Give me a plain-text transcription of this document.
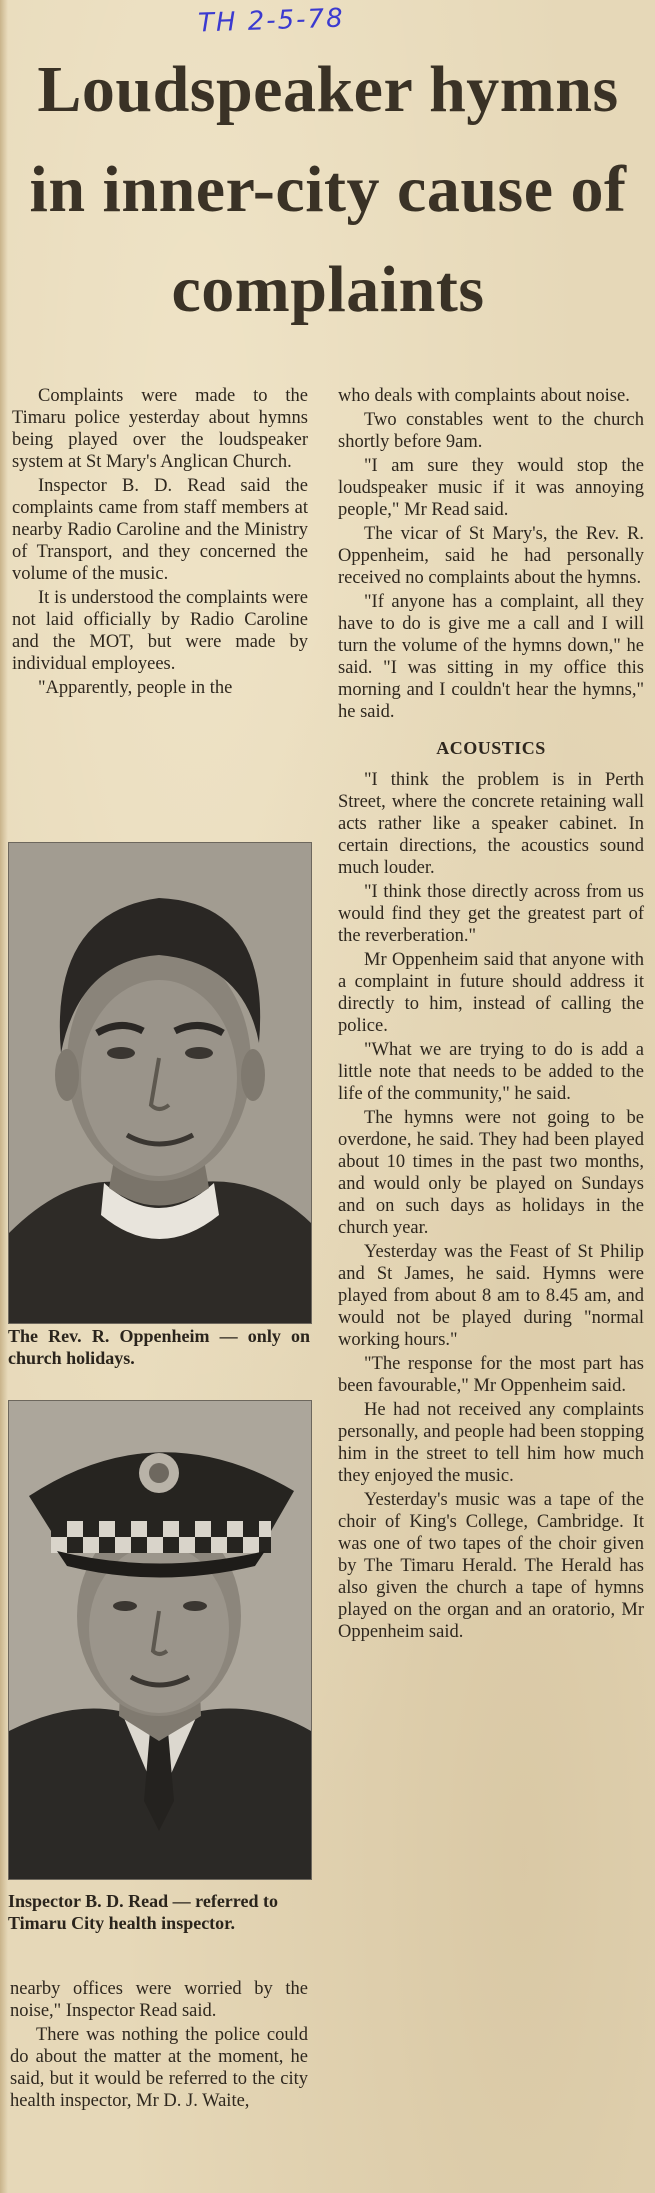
TH 2-5-78
Loudspeaker hymns in inner-city cause of complaints

Complaints were made to the Timaru police yesterday about hymns being played over the loudspeaker system at St Mary's Anglican Church.

Inspector B. D. Read said the complaints came from staff members at nearby Radio Caroline and the Ministry of Transport, and they concerned the volume of the music.

It is understood the complaints were not laid officially by Radio Caroline and the MOT, but were made by individual employees.

"Apparently, people in the

The Rev. R. Oppenheim — only on church holidays.
Inspector B. D. Read — referred to Timaru City health inspector.

nearby offices were worried by the noise," Inspector Read said.

There was nothing the police could do about the matter at the moment, he said, but it would be referred to the city health inspector, Mr D. J. Waite,

who deals with complaints about noise.

Two constables went to the church shortly before 9am.

"I am sure they would stop the loudspeaker music if it was annoying people," Mr Read said.

The vicar of St Mary's, the Rev. R. Oppenheim, said he had personally received no complaints about the hymns.

"If anyone has a complaint, all they have to do is give me a call and I will turn the volume of the hymns down," he said. "I was sitting in my office this morning and I couldn't hear the hymns," he said.

ACOUSTICS

"I think the problem is in Perth Street, where the concrete retaining wall acts rather like a speaker cabinet. In certain directions, the acoustics sound much louder.

"I think those directly across from us would find they get the greatest part of the reverberation."

Mr Oppenheim said that anyone with a complaint in future should address it directly to him, instead of calling the police.

"What we are trying to do is add a little note that needs to be added to the life of the community," he said.

The hymns were not going to be overdone, he said. They had been played about 10 times in the past two months, and would only be played on Sundays and on such days as holidays in the church year.

Yesterday was the Feast of St Philip and St James, he said. Hymns were played from about 8 am to 8.45 am, and would not be played during "normal working hours."

"The response for the most part has been favourable," Mr Oppenheim said.

He had not received any complaints personally, and people had been stopping him in the street to tell him how much they enjoyed the music.

Yesterday's music was a tape of the choir of King's College, Cambridge. It was one of two tapes of the choir given by The Timaru Herald. The Herald has also given the church a tape of hymns played on the organ and an oratorio, Mr Oppenheim said.
